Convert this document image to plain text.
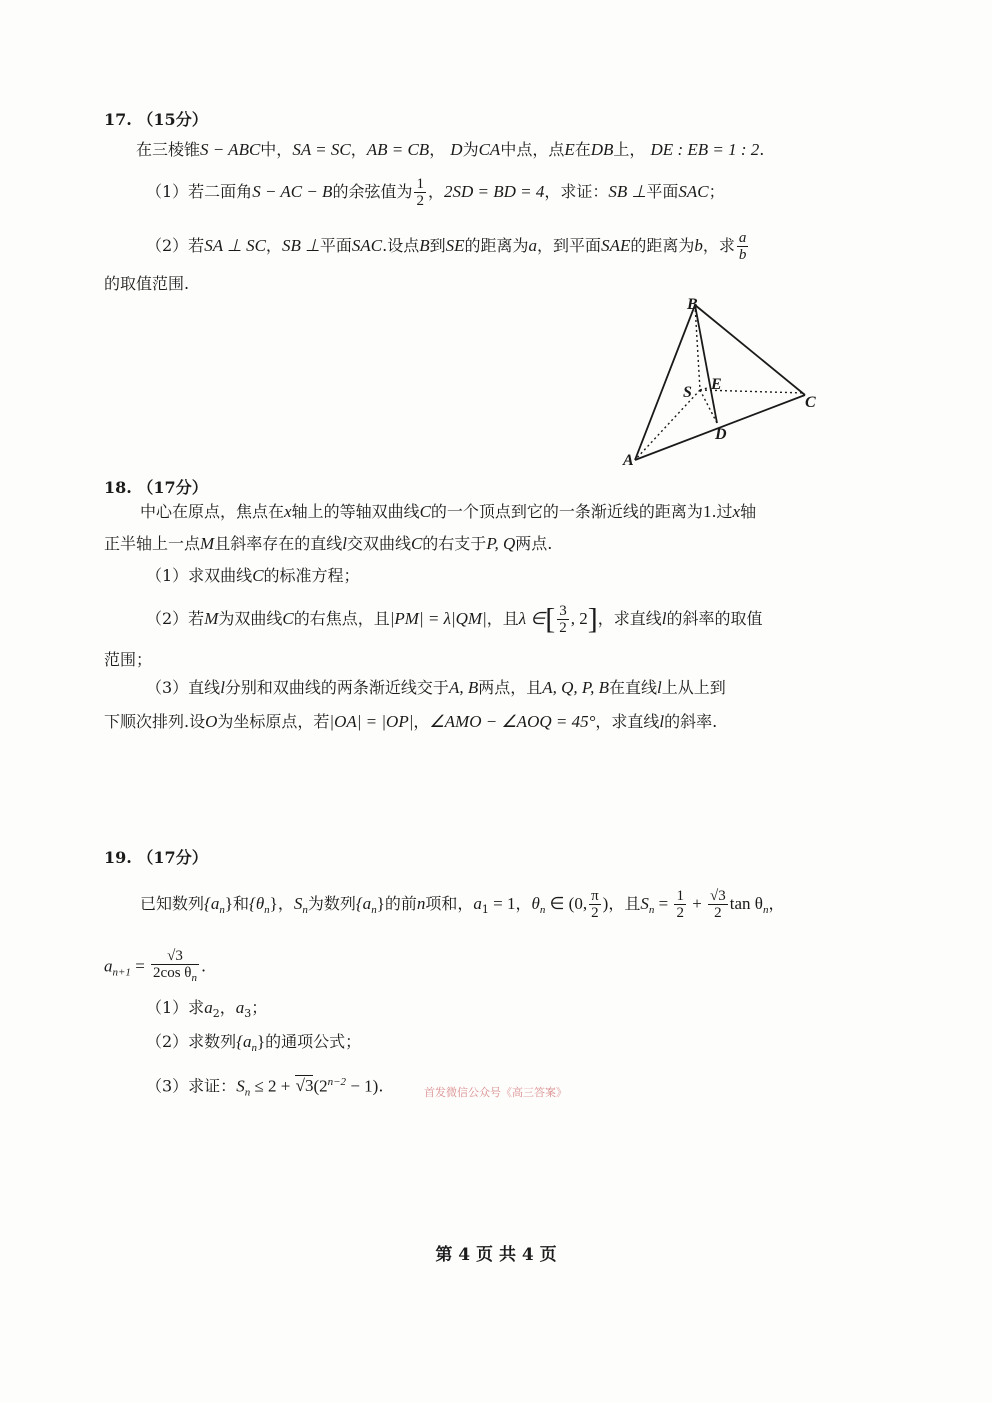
17. （15分）
在三棱锥S − ABC中，SA = SC，AB = CB， D为CA中点，点E在DB上， DE : EB = 1 : 2.
（1）若二面角S − AC − B的余弦值为 $\frac{1}{2}$ ，2SD = BD = 4，求证：SB ⊥平面SAC；
（2）若SA ⊥ SC，SB ⊥平面SAC.设点B到SE的距离为a，到平面SAE的距离为b，求 $\frac{a}{b}$
的取值范围.
B
S E
C
D
A
18. （17分）
中心在原点，焦点在x轴上的等轴双曲线C的一个顶点到它的一条渐近线的距离为1.过x轴
正半轴上一点M且斜率存在的直线l交双曲线C的右支于P, Q两点.
（1）求双曲线C的标准方程；
（2）若M为双曲线C的右焦点，且|PM| = λ|QM|，且λ ∈[ $\frac{3}{2}$ , 2]，求直线l的斜率的取值
范围；
（3）直线l分别和双曲线的两条渐近线交于A, B两点，且A, Q, P, B在直线l上从上到
下顺次排列.设O为坐标原点，若|OA| = |OP|，∠AMO − ∠AOQ = 45°，求直线l的斜率.
19. （17分）
已知数列$\{a_n\}$和$\{\theta_n\}$，$S_n$为数列$\{a_n\}$的前n项和，$a_1 = 1$，$\theta_n$ ∈ (0, $\frac{\pi}{2}$ )，且$S_n = \frac{1}{2} + \frac{√3}{2}$ $\tan \theta_n$，
$a_{n+1} = \frac{√3}{2\cos \theta_n}$ .
（1）求$a_2$，$a_3$；
（2）求数列$\{a_n\}$的通项公式；
（3）求证：$S_n \le 2 + √3(2^{n-2} - 1)$.	首发微信公众号《高三答案》
第 4 页 共 4 页
